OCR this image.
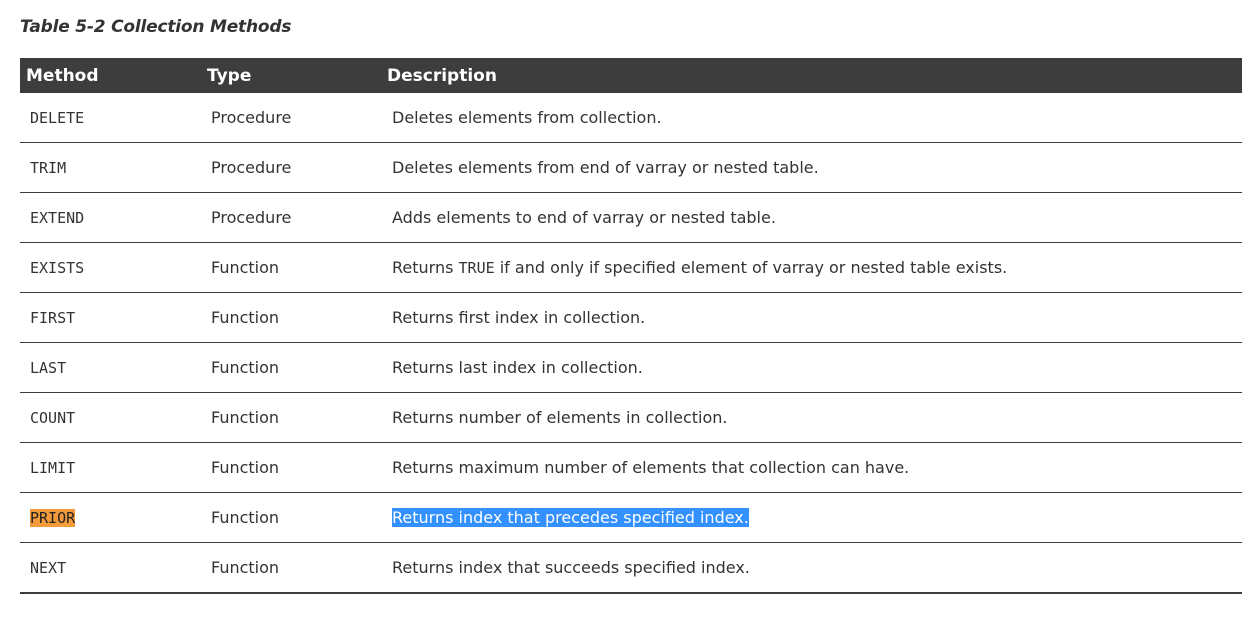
Table 5-2 Collection Methods
Method	Type	Description
DELETE	Procedure	Deletes elements from collection.
TRIM	Procedure	Deletes elements from end of varray or nested table.
EXTEND	Procedure	Adds elements to end of varray or nested table.
EXISTS	Function	Returns TRUE if and only if specified element of varray or nested table exists.
FIRST	Function	Returns first index in collection.
LAST	Function	Returns last index in collection.
COUNT	Function	Returns number of elements in collection.
LIMIT	Function	Returns maximum number of elements that collection can have.
PRIOR	Function	Returns index that precedes specified index.
NEXT	Function	Returns index that succeeds specified index.
